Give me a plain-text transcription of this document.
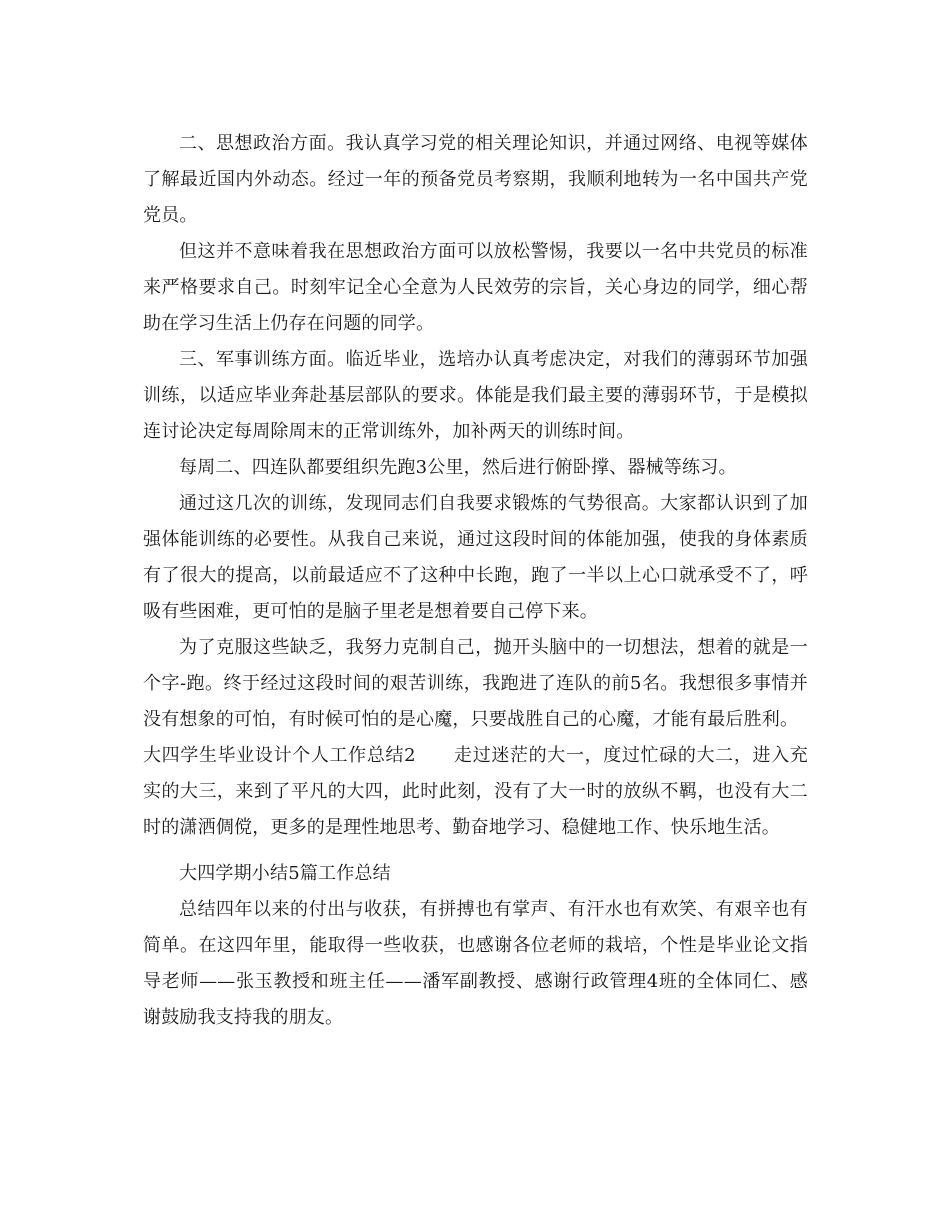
二、思想政治方面。我认真学习党的相关理论知识，并通过网络、电视等媒体了解最近国内外动态。经过一年的预备党员考察期，我顺利地转为一名中国共产党党员。

但这并不意味着我在思想政治方面可以放松警惕，我要以一名中共党员的标准来严格要求自己。时刻牢记全心全意为人民效劳的宗旨，关心身边的同学，细心帮助在学习生活上仍存在问题的同学。

三、军事训练方面。临近毕业，选培办认真考虑决定，对我们的薄弱环节加强训练，以适应毕业奔赴基层部队的要求。体能是我们最主要的薄弱环节，于是模拟连讨论决定每周除周末的正常训练外，加补两天的训练时间。

每周二、四连队都要组织先跑3公里，然后进行俯卧撑、器械等练习。

通过这几次的训练，发现同志们自我要求锻炼的气势很高。大家都认识到了加强体能训练的必要性。从我自己来说，通过这段时间的体能加强，使我的身体素质有了很大的提高，以前最适应不了这种中长跑，跑了一半以上心口就承受不了，呼吸有些困难，更可怕的是脑子里老是想着要自己停下来。

为了克服这些缺乏，我努力克制自己，抛开头脑中的一切想法，想着的就是一个字-跑。终于经过这段时间的艰苦训练，我跑进了连队的前5名。我想很多事情并没有想象的可怕，有时候可怕的是心魔，只要战胜自己的心魔，才能有最后胜利。

大四学生毕业设计个人工作总结2 走过迷茫的大一，度过忙碌的大二，进入充实的大三，来到了平凡的大四，此时此刻，没有了大一时的放纵不羁，也没有大二时的潇洒倜傥，更多的是理性地思考、勤奋地学习、稳健地工作、快乐地生活。

大四学期小结5篇工作总结

总结四年以来的付出与收获，有拼搏也有掌声、有汗水也有欢笑、有艰辛也有简单。在这四年里，能取得一些收获，也感谢各位老师的栽培，个性是毕业论文指导老师——张玉教授和班主任——潘军副教授、感谢行政管理4班的全体同仁、感谢鼓励我支持我的朋友。
